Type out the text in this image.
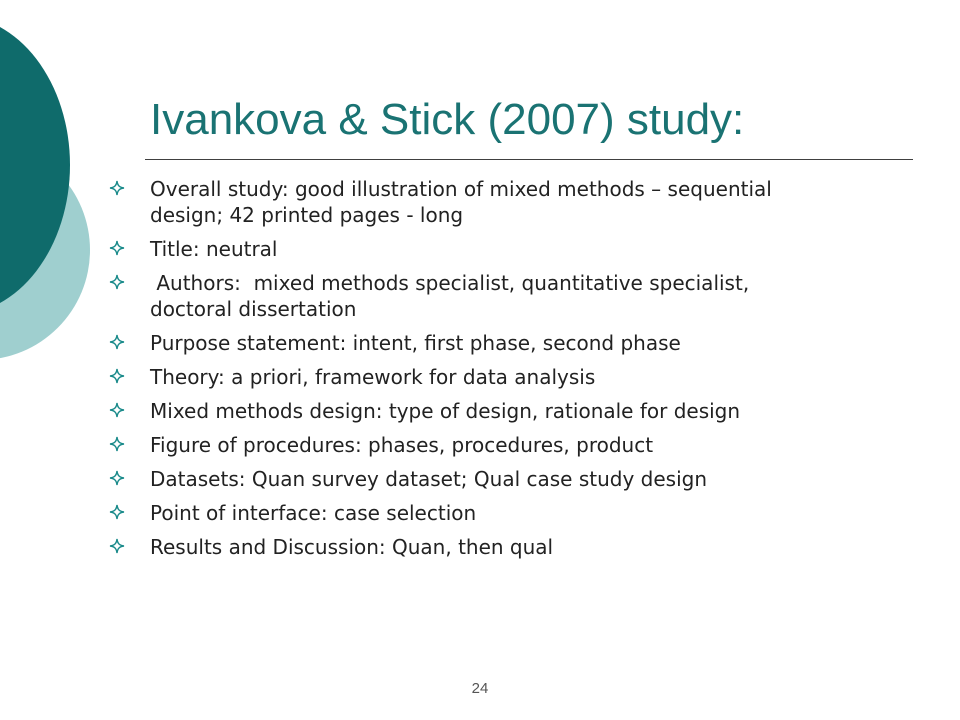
Ivankova & Stick (2007) study:
Overall study: good illustration of mixed methods – sequential design; 42 printed pages - long
Title: neutral
Authors:  mixed methods specialist, quantitative specialist, doctoral dissertation
Purpose statement: intent, first phase, second phase
Theory: a priori, framework for data analysis
Mixed methods design: type of design, rationale for design
Figure of procedures: phases, procedures, product
Datasets: Quan survey dataset; Qual case study design
Point of interface: case selection
Results and Discussion: Quan, then qual
24
